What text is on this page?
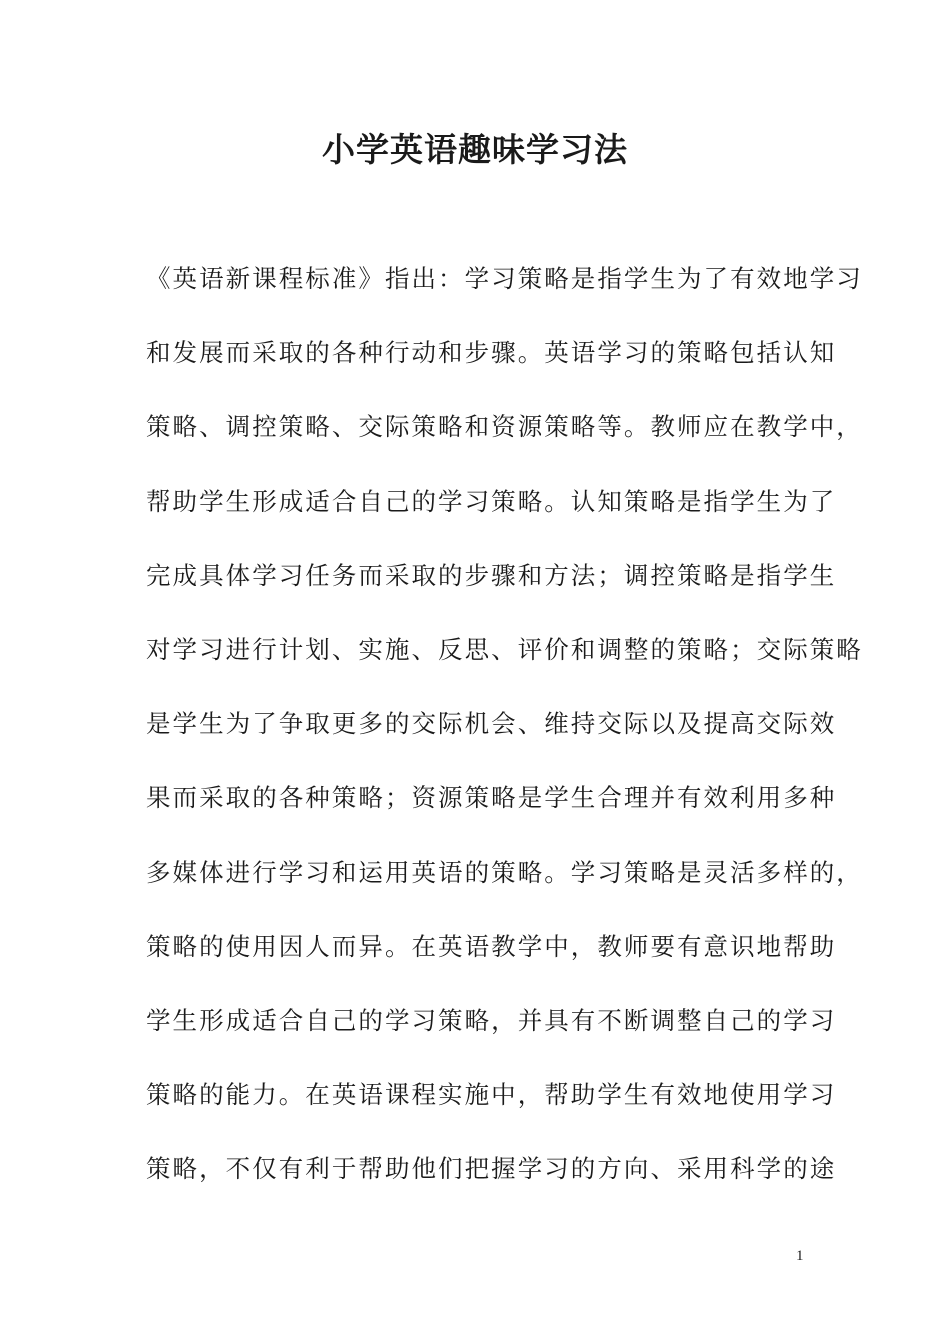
小学英语趣味学习法
《英语新课程标准》指出：学习策略是指学生为了有效地学习
和发展而采取的各种行动和步骤。英语学习的策略包括认知
策略、调控策略、交际策略和资源策略等。教师应在教学中，
帮助学生形成适合自己的学习策略。认知策略是指学生为了
完成具体学习任务而采取的步骤和方法；调控策略是指学生
对学习进行计划、实施、反思、评价和调整的策略；交际策略
是学生为了争取更多的交际机会、维持交际以及提高交际效
果而采取的各种策略；资源策略是学生合理并有效利用多种
多媒体进行学习和运用英语的策略。学习策略是灵活多样的，
策略的使用因人而异。在英语教学中，教师要有意识地帮助
学生形成适合自己的学习策略，并具有不断调整自己的学习
策略的能力。在英语课程实施中，帮助学生有效地使用学习
策略，不仅有利于帮助他们把握学习的方向、采用科学的途
1
